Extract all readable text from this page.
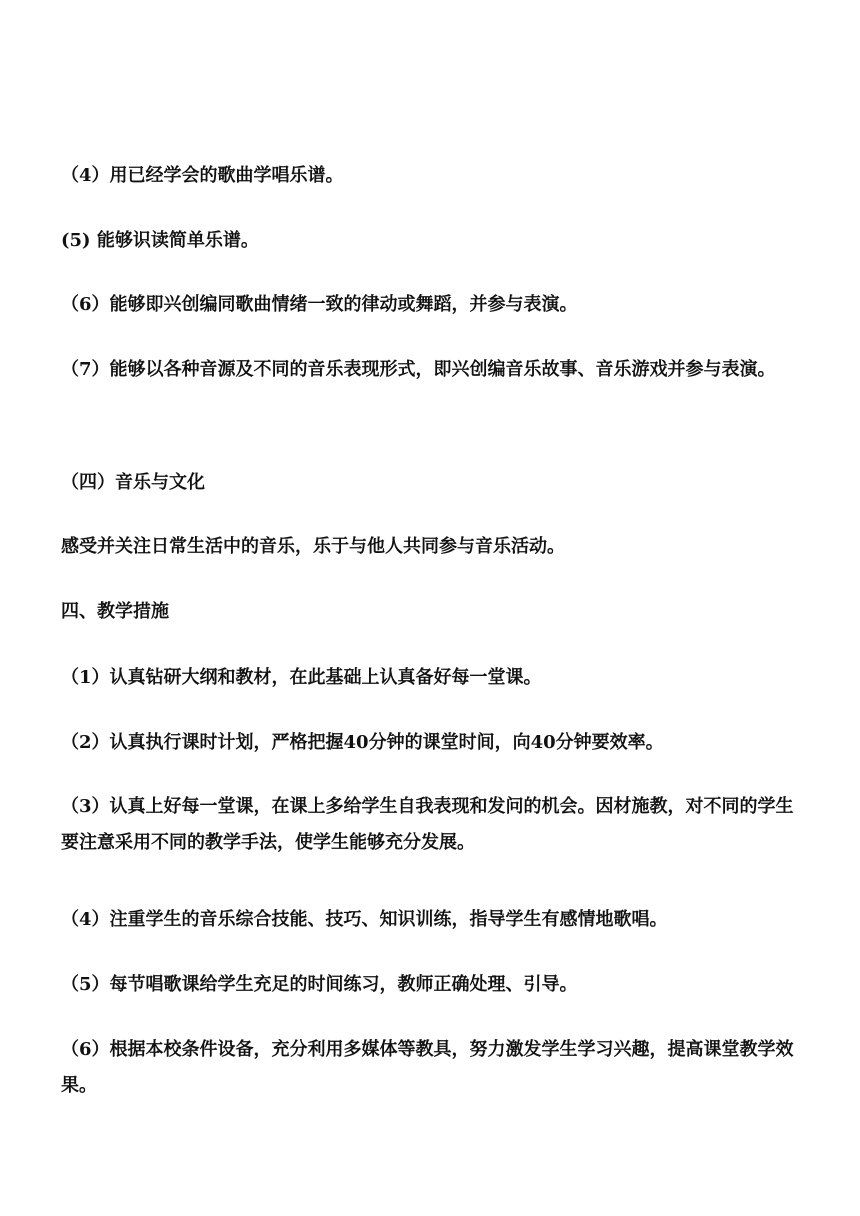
（4）用已经学会的歌曲学唱乐谱。

(5) 能够识读简单乐谱。

（6）能够即兴创编同歌曲情绪一致的律动或舞蹈，并参与表演。

（7）能够以各种音源及不同的音乐表现形式，即兴创编音乐故事、音乐游戏并参与表演。

（四）音乐与文化

感受并关注日常生活中的音乐，乐于与他人共同参与音乐活动。

四、教学措施

（1）认真钻研大纲和教材，在此基础上认真备好每一堂课。

（2）认真执行课时计划，严格把握40分钟的课堂时间，向40分钟要效率。

（3）认真上好每一堂课，在课上多给学生自我表现和发问的机会。因材施教，对不同的学生要注意采用不同的教学手法，使学生能够充分发展。

（4）注重学生的音乐综合技能、技巧、知识训练，指导学生有感情地歌唱。

（5）每节唱歌课给学生充足的时间练习，教师正确处理、引导。

（6）根据本校条件设备，充分利用多媒体等教具，努力激发学生学习兴趣，提高课堂教学效果。
